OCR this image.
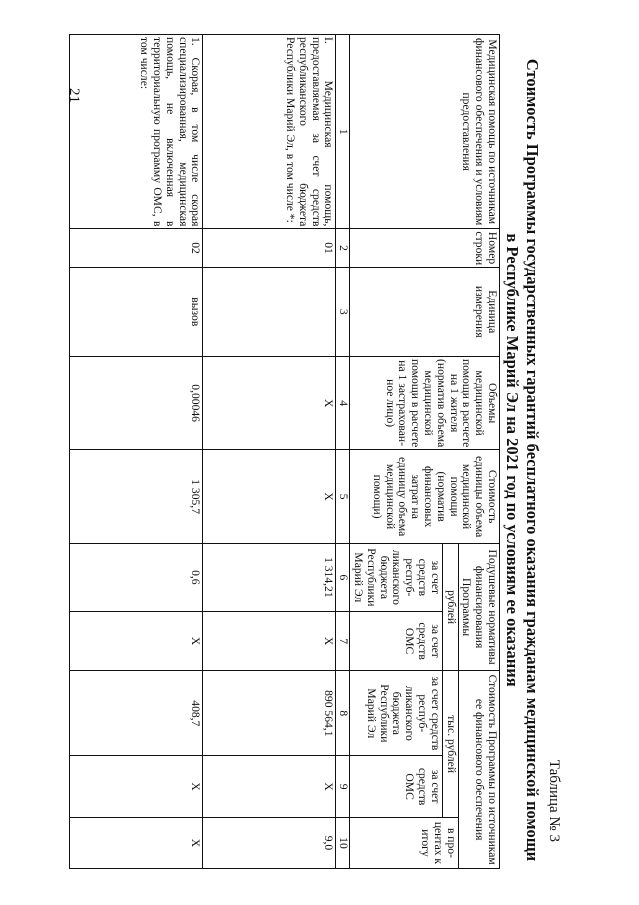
21
Таблица № 3
Стоимость Программы государственных гарантий бесплатного оказания гражданам медицинской помощи
в Республике Марий Эл на 2021 год по условиям ее оказания
Медицинская помощь по источникам финансового обеспечения и условиям предоставления	Номер строки	Единица измерения	Объемы медицинской помощи в расчете на 1 жителя (норматив объема медицинской помощи в расчете на 1 застрахован-ное лицо)	Стоимость единицы объема медицинской помощи (норматив финансовых затрат на единицу объема медицинской помощи)	Подушевые нормативы финансирования Программы		Стоимость Программы по источникам ее финансового обеспечения		
					рублей		тыс. рублей		в про-центах к итогу
					за счет средств респуб-ликанского бюджета Республики Марий Эл	за счет средств ОМС	за счет средств респуб-ликанского бюджета Республики Марий Эл	за счет средств ОМС	
1	2	3	4	5	6	7	8	9	10
I. Медицинская помощь, предоставляемая за счет средств республиканского бюджета Республики Марий Эл, в том числе *:	01		X	X	1 314,21	X	890 564,1	X	9,0
1. Скорая, в том числе скорая специализированная, медицинская помощь, не включенная в территориальную программу ОМС, в том числе:	02	вызов	0,00046	1 305,7	0,6	X	408,7	X	X
